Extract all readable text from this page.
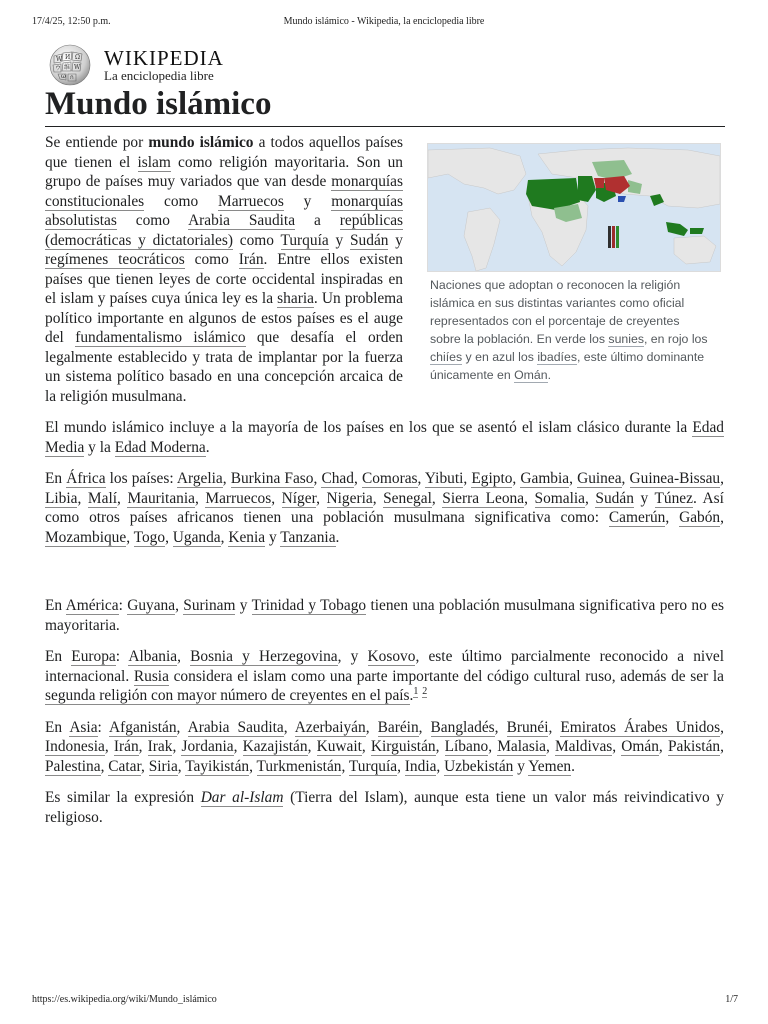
17/4/25, 12:50 p.m.	Mundo islámico - Wikipedia, la enciclopedia libre
W И Ω
ウ 维 Ԝ
ω ก
WIKIPEDIA
La enciclopedia libre
Mundo islámico
Naciones que adoptan o reconocen la religión islámica en sus distintas variantes como oficial representados con el porcentaje de creyentes sobre la población. En verde los sunies, en rojo los chiíes y en azul los ibadíes, este último dominante únicamente en Omán.

Se entiende por mundo islámico a todos aquellos países que tienen el islam como religión mayoritaria. Son un grupo de países muy variados que van desde monarquías constitucionales como Marruecos y monarquías absolutistas como Arabia Saudita a repúblicas (democráticas y dictatoriales) como Turquía y Sudán y regímenes teocráticos como Irán. Entre ellos existen países que tienen leyes de corte occidental inspiradas en el islam y países cuya única ley es la sharia. Un problema político importante en algunos de estos países es el auge del fundamentalismo islámico que desafía el orden legalmente establecido y trata de implantar por la fuerza un sistema político basado en una concepción arcaica de la religión musulmana.

El mundo islámico incluye a la mayoría de los países en los que se asentó el islam clásico durante la Edad Media y la Edad Moderna.

En África los países: Argelia, Burkina Faso, Chad, Comoras, Yibuti, Egipto, Gambia, Guinea, Guinea-Bissau, Libia, Malí, Mauritania, Marruecos, Níger, Nigeria, Senegal, Sierra Leona, Somalia, Sudán y Túnez. Así como otros países africanos tienen una población musulmana significativa como: Camerún, Gabón, Mozambique, Togo, Uganda, Kenia y Tanzania.

En América: Guyana, Surinam y Trinidad y Tobago tienen una población musulmana significativa pero no es mayoritaria.

En Europa: Albania, Bosnia y Herzegovina, y Kosovo, este último parcialmente reconocido a nivel internacional. Rusia considera el islam como una parte importante del código cultural ruso, además de ser la segunda religión con mayor número de creyentes en el país.$^1$ $^2$

En Asia: Afganistán, Arabia Saudita, Azerbaiyán, Baréin, Bangladés, Brunéi, Emiratos Árabes Unidos, Indonesia, Irán, Irak, Jordania, Kazajistán, Kuwait, Kirguistán, Líbano, Malasia, Maldivas, Omán, Pakistán, Palestina, Catar, Siria, Tayikistán, Turkmenistán, Turquía, India, Uzbekistán y Yemen.

Es similar la expresión Dar al-Islam (Tierra del Islam), aunque esta tiene un valor más reivindicativo y religioso.

https://es.wikipedia.org/wiki/Mundo_islámico	1/7
